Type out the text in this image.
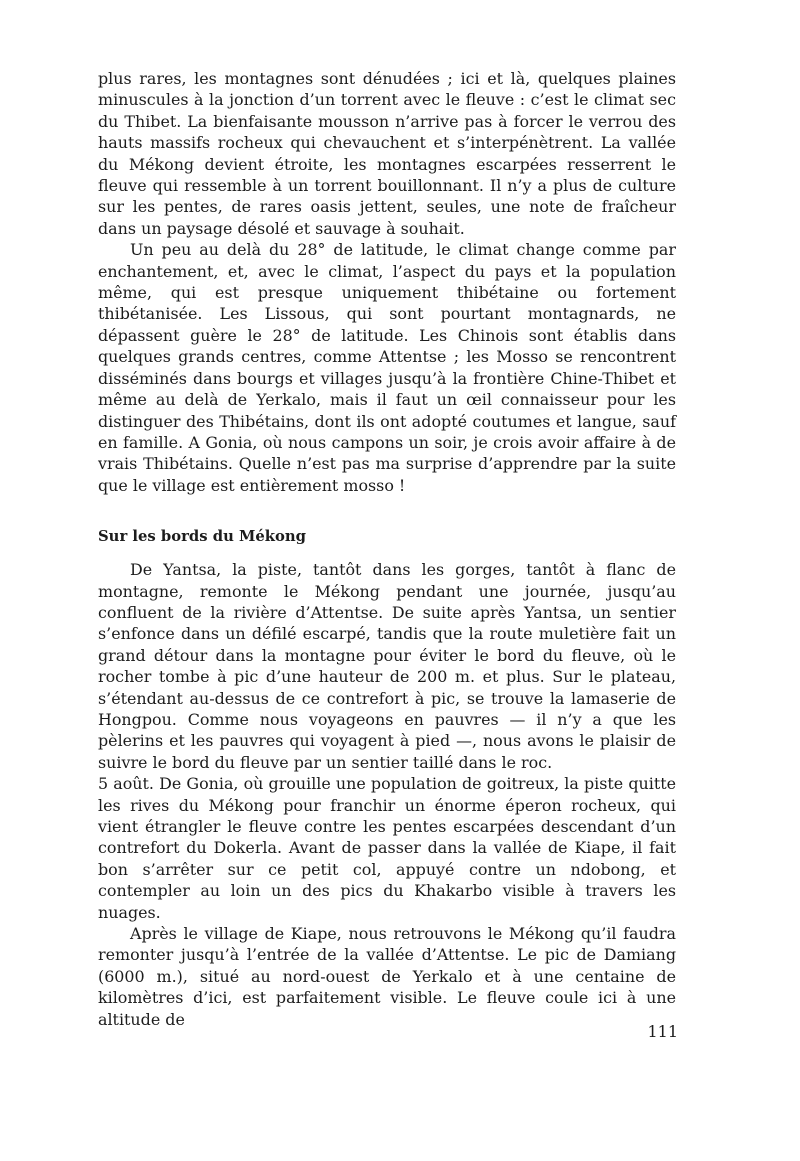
plus rares, les montagnes sont dénudées ; ici et là, quelques plaines minuscules à la jonction d’un torrent avec le fleuve : c’est le climat sec du Thibet. La bienfaisante mousson n’arrive pas à forcer le verrou des hauts massifs rocheux qui chevauchent et s’interpénètrent. La vallée du Mékong devient étroite, les montagnes escarpées resserrent le fleuve qui ressemble à un torrent bouillonnant. Il n’y a plus de culture sur les pentes, de rares oasis jettent, seules, une note de fraîcheur dans un paysage désolé et sauvage à souhait.

Un peu au delà du 28° de latitude, le climat change comme par enchantement, et, avec le climat, l’aspect du pays et la population même, qui est presque uniquement thibétaine ou fortement thibétanisée. Les Lissous, qui sont pourtant montagnards, ne dépassent guère le 28° de latitude. Les Chinois sont établis dans quelques grands centres, comme Attentse ; les Mosso se rencontrent disséminés dans bourgs et villages jusqu’à la frontière Chine-Thibet et même au delà de Yerkalo, mais il faut un œil connaisseur pour les distinguer des Thibétains, dont ils ont adopté coutumes et langue, sauf en famille. A Gonia, où nous campons un soir, je crois avoir affaire à de vrais Thibétains. Quelle n’est pas ma surprise d’apprendre par la suite que le village est entièrement mosso !

Sur les bords du Mékong

De Yantsa, la piste, tantôt dans les gorges, tantôt à flanc de montagne, remonte le Mékong pendant une journée, jusqu’au confluent de la rivière d’Attentse. De suite après Yantsa, un sentier s’enfonce dans un défilé escarpé, tandis que la route muletière fait un grand détour dans la montagne pour éviter le bord du fleuve, où le rocher tombe à pic d’une hauteur de 200 m. et plus. Sur le plateau, s’étendant au-dessus de ce contrefort à pic, se trouve la lamaserie de Hongpou. Comme nous voyageons en pauvres — il n’y a que les pèlerins et les pauvres qui voyagent à pied —, nous avons le plaisir de suivre le bord du fleuve par un sentier taillé dans le roc.

5 août. De Gonia, où grouille une population de goitreux, la piste quitte les rives du Mékong pour franchir un énorme éperon rocheux, qui vient étrangler le fleuve contre les pentes escarpées descendant d’un contrefort du Dokerla. Avant de passer dans la vallée de Kiape, il fait bon s’arrêter sur ce petit col, appuyé contre un ndobong, et contempler au loin un des pics du Khakarbo visible à travers les nuages.

Après le village de Kiape, nous retrouvons le Mékong qu’il faudra remonter jusqu’à l’entrée de la vallée d’Attentse. Le pic de Damiang (6000 m.), situé au nord-ouest de Yerkalo et à une centaine de kilomètres d’ici, est parfaitement visible. Le fleuve coule ici à une altitude de

111
